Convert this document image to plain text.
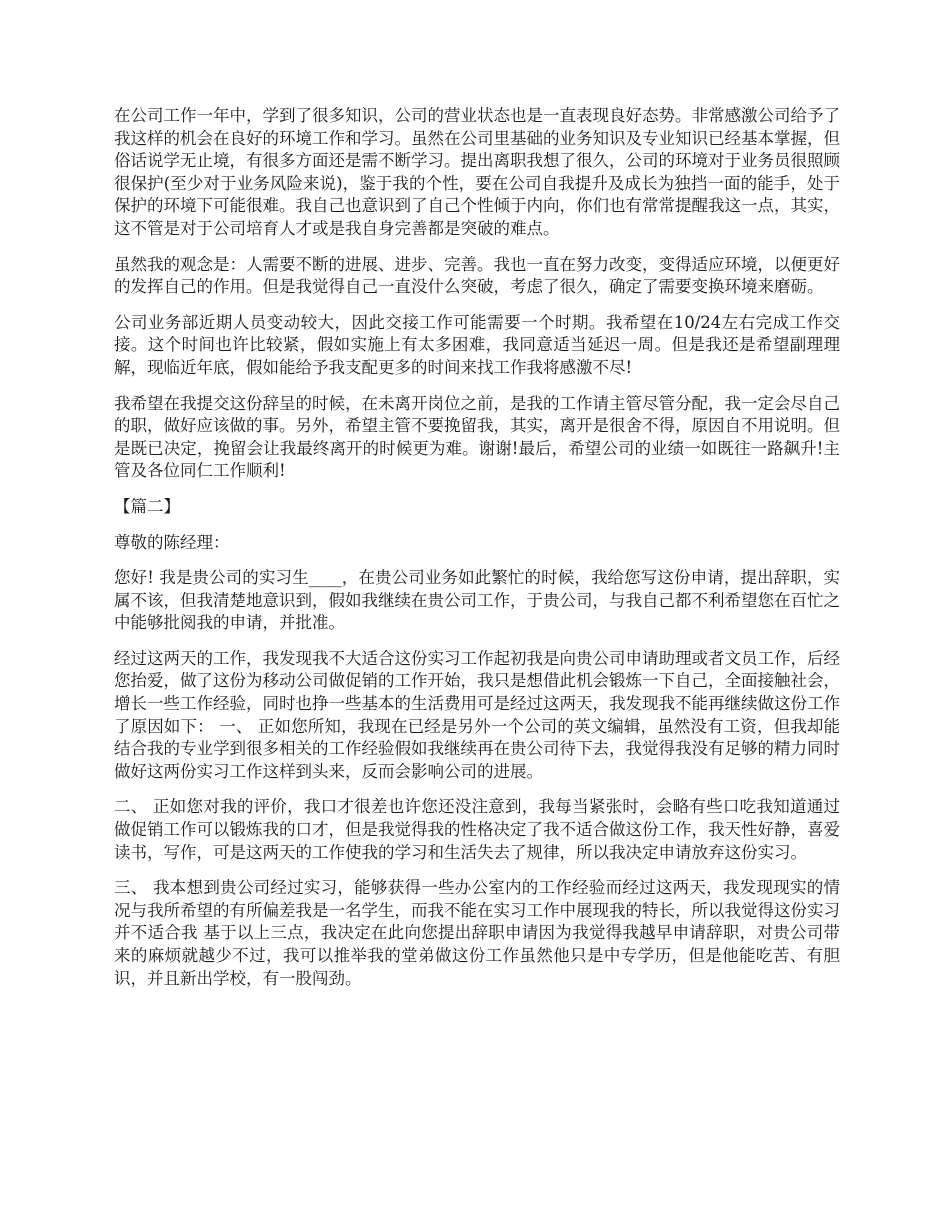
在公司工作一年中，学到了很多知识，公司的营业状态也是一直表现良好态势。非常感激公司给予了我这样的机会在良好的环境工作和学习。虽然在公司里基础的业务知识及专业知识已经基本掌握，但俗话说学无止境，有很多方面还是需不断学习。提出离职我想了很久，公司的环境对于业务员很照顾很保护(至少对于业务风险来说)，鉴于我的个性，要在公司自我提升及成长为独挡一面的能手，处于保护的环境下可能很难。我自己也意识到了自己个性倾于内向，你们也有常常提醒我这一点，其实，这不管是对于公司培育人才或是我自身完善都是突破的难点。

虽然我的观念是：人需要不断的进展、进步、完善。我也一直在努力改变，变得适应环境，以便更好的发挥自己的作用。但是我觉得自己一直没什么突破，考虑了很久，确定了需要变换环境来磨砺。

公司业务部近期人员变动较大，因此交接工作可能需要一个时期。我希望在10/24左右完成工作交接。这个时间也许比较紧，假如实施上有太多困难，我同意适当延迟一周。但是我还是希望副理理解，现临近年底，假如能给予我支配更多的时间来找工作我将感激不尽!

我希望在我提交这份辞呈的时候，在未离开岗位之前，是我的工作请主管尽管分配，我一定会尽自己的职，做好应该做的事。另外，希望主管不要挽留我，其实，离开是很舍不得，原因自不用说明。但是既已决定，挽留会让我最终离开的时候更为难。谢谢!最后，希望公司的业绩一如既往一路飙升!主管及各位同仁工作顺利!

【篇二】

尊敬的陈经理：

您好! 我是贵公司的实习生____，在贵公司业务如此繁忙的时候，我给您写这份申请，提出辞职，实属不该，但我清楚地意识到，假如我继续在贵公司工作，于贵公司，与我自己都不利希望您在百忙之中能够批阅我的申请，并批准。

经过这两天的工作，我发现我不大适合这份实习工作起初我是向贵公司申请助理或者文员工作，后经您抬爱，做了这份为移动公司做促销的工作开始，我只是想借此机会锻炼一下自己，全面接触社会，增长一些工作经验，同时也挣一些基本的生活费用可是经过这两天，我发现我不能再继续做这份工作了原因如下： 一、 正如您所知，我现在已经是另外一个公司的英文编辑，虽然没有工资，但我却能结合我的专业学到很多相关的工作经验假如我继续再在贵公司待下去，我觉得我没有足够的精力同时做好这两份实习工作这样到头来，反而会影响公司的进展。

二、 正如您对我的评价，我口才很差也许您还没注意到，我每当紧张时，会略有些口吃我知道通过做促销工作可以锻炼我的口才，但是我觉得我的性格决定了我不适合做这份工作，我天性好静，喜爱读书，写作，可是这两天的工作使我的学习和生活失去了规律，所以我决定申请放弃这份实习。

三、 我本想到贵公司经过实习，能够获得一些办公室内的工作经验而经过这两天，我发现现实的情况与我所希望的有所偏差我是一名学生，而我不能在实习工作中展现我的特长，所以我觉得这份实习并不适合我 基于以上三点，我决定在此向您提出辞职申请因为我觉得我越早申请辞职，对贵公司带来的麻烦就越少不过，我可以推举我的堂弟做这份工作虽然他只是中专学历，但是他能吃苦、有胆识，并且新出学校，有一股闯劲。
